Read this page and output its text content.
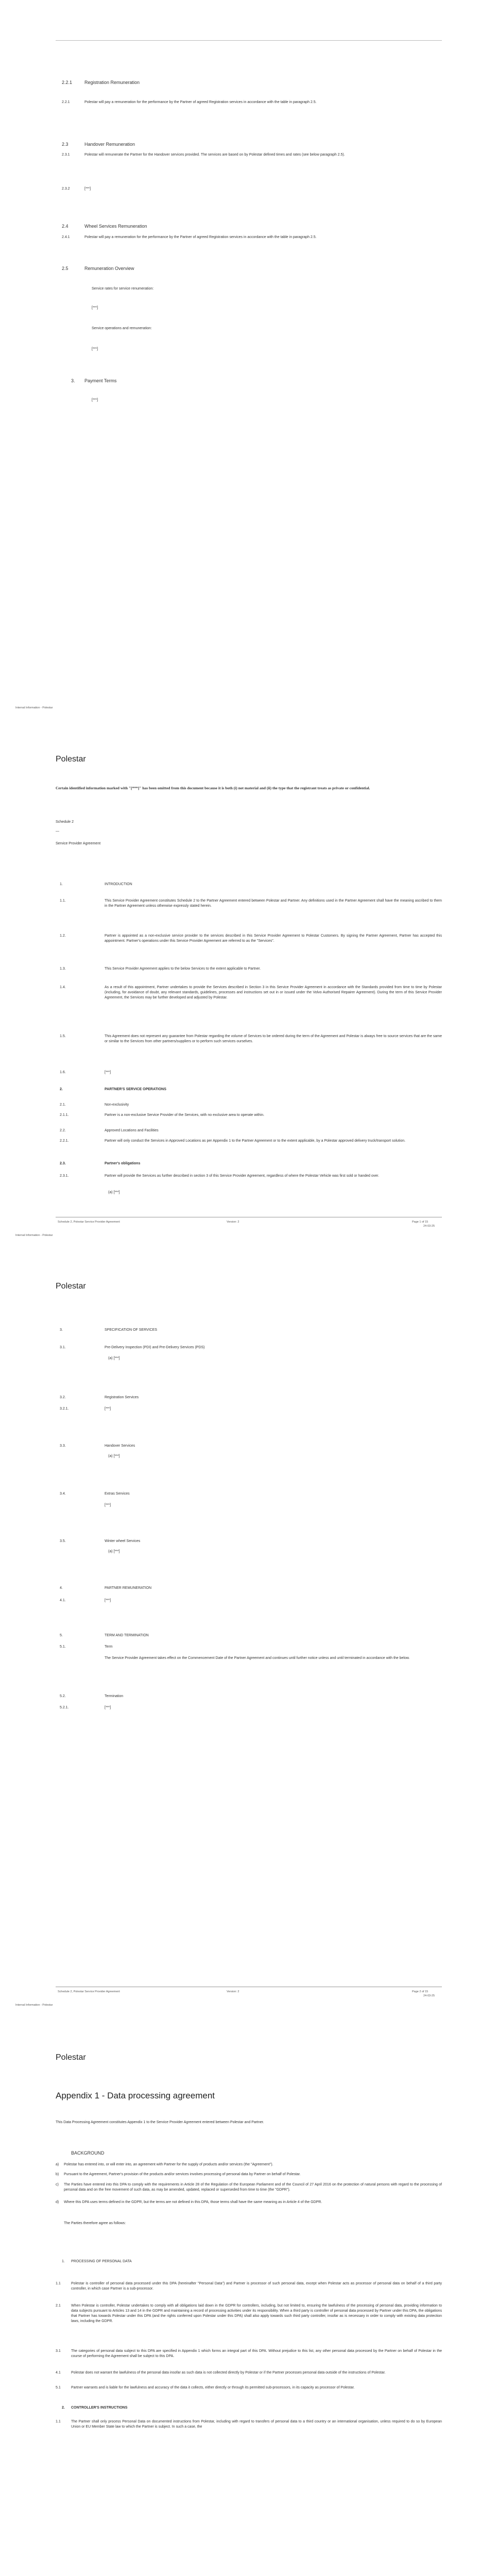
2.2.1	Registration Remuneration
2.2.1	Polestar will pay a remuneration for the performance by the Partner of agreed Registration services in accordance with the table in paragraph 2.5.
2.3	Handover Remuneration
2.3.1	Polestar will remunerate the Partner for the Handover services provided. The services are based on by Polestar defined times and rates (see below paragraph 2.5).
2.3.2	[***]
2.4	Wheel Services Remuneration
2.4.1	Polestar will pay a remuneration for the performance by the Partner of agreed Registration services in accordance with the table in paragraph 2.5.
2.5	Remuneration Overview
Service rates for service renumeration:
[***]
Service operations and remuneration:
[***]
3. Payment Terms
[***]
Internal Information - Polestar
Polestar
Certain identified information marked with "[***]" has been omitted from this document because it is both (i) not material and (ii) the type that the registrant treats as private or confidential.
Schedule 2
—
Service Provider Agreement
1.	INTRODUCTION
1.1.	This Service Provider Agreement constitutes Schedule 2 to the Partner Agreement entered between Polestar and Partner. Any definitions used in the Partner Agreement shall have the meaning ascribed to them in the Partner Agreement unless otherwise expressly stated herein.
1.2.	Partner is appointed as a non-exclusive service provider to the services described in this Service Provider Agreement to Polestar Customers. By signing the Partner Agreement, Partner has accepted this appointment. Partner's operations under this Service Provider Agreement are referred to as the "Services".
1.3.	This Service Provider Agreement applies to the below Services to the extent applicable to Partner.
1.4.	As a result of this appointment, Partner undertakes to provide the Services described in Section 3 in this Service Provider Agreement in accordance with the Standards provided from time to time by Polestar (including, for avoidance of doubt, any relevant standards, guidelines, processes and instructions set out in or issued under the Volvo Authorised Repairer Agreement). During the term of this Service Provider Agreement, the Services may be further developed and adjusted by Polestar.
1.5.	This Agreement does not represent any guarantee from Polestar regarding the volume of Services to be ordered during the term of the Agreement and Polestar is always free to source services that are the same or similar to the Services from other partners/suppliers or to perform such services ourselves.
1.6.	[***]
2.	PARTNER'S SERVICE OPERATIONS
2.1.	Non-exclusivity
2.1.1.	Partner is a non-exclusive Service Provider of the Services, with no exclusive area to operate within.
2.2.	Approved Locations and Facilities
2.2.1.	Partner will only conduct the Services in Approved Locations as per Appendix 1 to the Partner Agreement or to the extent applicable, by a Polestar approved delivery truck/transport solution.
2.3.	Partner's obligations
2.3.1.	Partner will provide the Services as further described in section 3 of this Service Provider Agreement, regardless of where the Polestar Vehicle was first sold or handed over.
(a) [***]
Schedule 2, Polestar Service Provider Agreement	Version: 2	Page 1 of 15
24-03-25
Internal Information - Polestar
Polestar
3.	SPECIFICATION OF SERVICES
3.1.	Pre-Delivery Inspection (PDI) and Pre-Delivery Services (PDS)
(a) [***]
3.2.	Registration Services
3.2.1.	[***]
3.3.	Handover Services
(a) [***]
3.4.	Extras Services
[***]
3.5.	Winter wheel Services
(a) [***]
4.	PARTNER REMUNERATION
4.1.	[***]
5.	TERM AND TERMINATION
5.1.	Term
The Service Provider Agreement takes effect on the Commencement Date of the Partner Agreement and continues until further notice unless and until terminated in accordance with the below.
5.2.	Termination
5.2.1.	[***]
Schedule 2, Polestar Service Provider Agreement	Version: 2	Page 2 of 15
24-03-25
Internal Information - Polestar
Polestar
Appendix 1 - Data processing agreement
This Data Processing Agreement constitutes Appendix 1 to the Service Provider Agreement entered between Polestar and Partner.
BACKGROUND
a) Polestar has entered into, or will enter into, an agreement with Partner for the supply of products and/or services (the "Agreement").
b) Pursuant to the Agreement, Partner's provision of the products and/or services involves processing of personal data by Partner on behalf of Polestar.
c) The Parties have entered into this DPA to comply with the requirements in Article 28 of the Regulation of the European Parliament and of the Council of 27 April 2016 on the protection of natural persons with regard to the processing of personal data and on the free movement of such data, as may be amended, updated, replaced or superseded from time to time (the "GDPR").
d) Where this DPA uses terms defined in the GDPR, but the terms are not defined in this DPA, those terms shall have the same meaning as in Article 4 of the GDPR.
The Parties therefore agree as follows:
1. PROCESSING OF PERSONAL DATA
1.1	Polestar is controller of personal data processed under this DPA (hereinafter "Personal Data") and Partner is processor of such personal data, except when Polestar acts as processor of personal data on behalf of a third party controller, in which case Partner is a sub-processor.
2.1	When Polestar is controller, Polestar undertakes to comply with all obligations laid down in the GDPR for controllers, including, but not limited to, ensuring the lawfulness of the processing of personal data, providing information to data subjects pursuant to Articles 13 and 14 in the GDPR and maintaining a record of processing activities under its responsibility. When a third party is controller of personal data processed by Partner under this DPA, the obligations that Partner has towards Polestar under this DPA (and the rights conferred upon Polestar under this DPA) shall also apply towards such third party controller, insofar as is necessary in order to comply with existing data protection laws, including the GDPR.
3.1	The categories of personal data subject to this DPA are specified in Appendix 1 which forms an integral part of this DPA. Without prejudice to this list, any other personal data processed by the Partner on behalf of Polestar in the course of performing the Agreement shall be subject to this DPA.
4.1	Polestar does not warrant the lawfulness of the personal data insofar as such data is not collected directly by Polestar or if the Partner processes personal data outside of the instructions of Polestar.
5.1	Partner warrants and is liable for the lawfulness and accuracy of the data it collects, either directly or through its permitted sub-processors, in its capacity as processor of Polestar.
2. CONTROLLER'S INSTRUCTIONS
1.1	The Partner shall only process Personal Data on documented instructions from Polestar, including with regard to transfers of personal data to a third country or an international organisation, unless required to do so by European Union or EU Member State law to which the Partner is subject. In such a case, the
